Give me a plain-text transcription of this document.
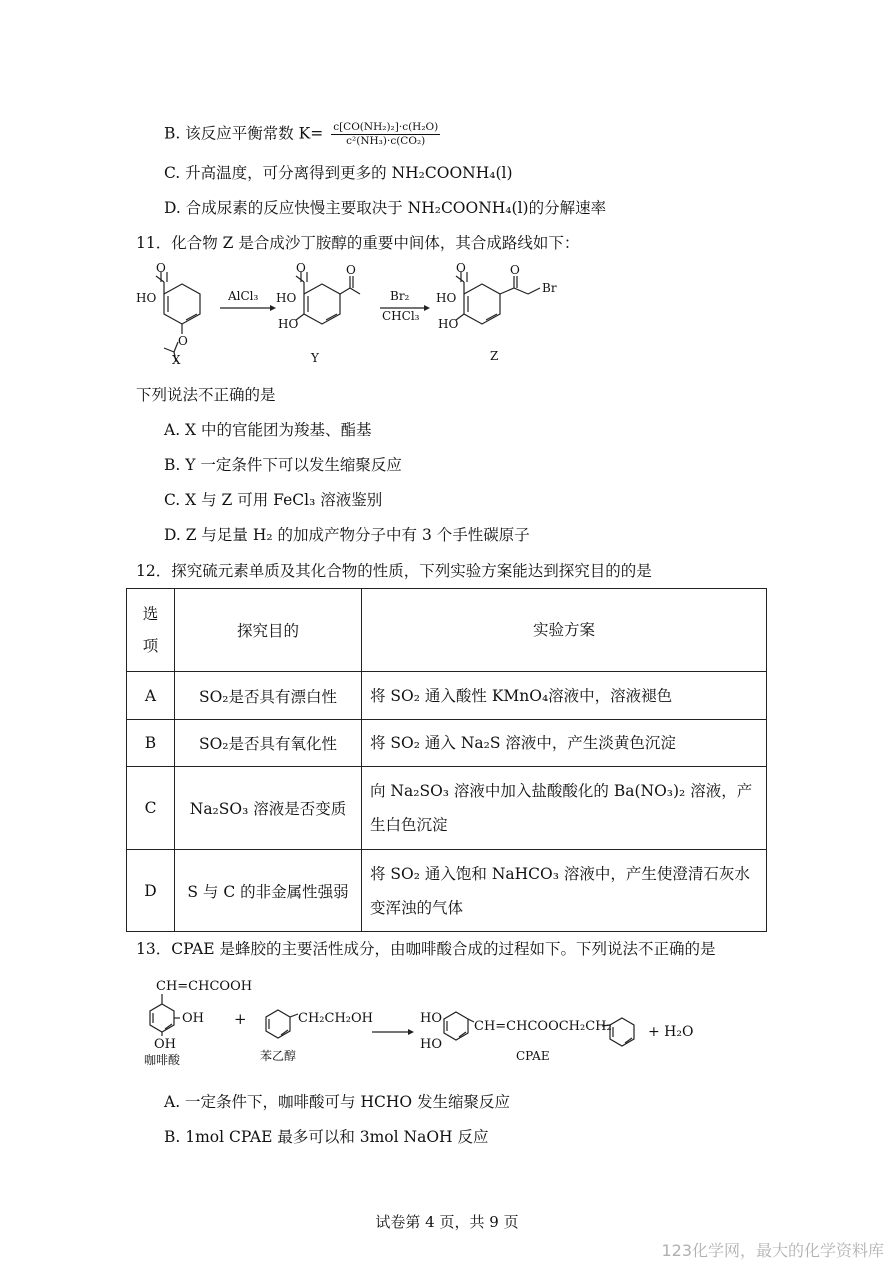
B. 该反应平衡常数 $K= \frac{\text{c[CO(NH₂)₂]·c(H₂O)}}{\text{c²(NH₃)·c(CO₂)}}$
C. 升高温度，可分离得到更多的 NH₂COONH₄(l)
D. 合成尿素的反应快慢主要取决于 NH₂COONH₄(l)的分解速率
11．化合物 Z 是合成沙丁胺醇的重要中间体，其合成路线如下：
O
HO
O
X
AlCl₃
O	O
HO
HO
Y
Br₂
CHCl₃
O	O
Br
HO
HO
Z
下列说法不正确的是
A. X 中的官能团为羧基、酯基
B. Y 一定条件下可以发生缩聚反应
C. X 与 Z 可用 FeCl₃ 溶液鉴别
D. Z 与足量 H₂ 的加成产物分子中有 3 个手性碳原子
12．探究硫元素单质及其化合物的性质，下列实验方案能达到探究目的的是
选
项	探究目的	实验方案
A	SO₂是否具有漂白性	将 SO₂ 通入酸性 KMnO₄溶液中，溶液褪色
B	SO₂是否具有氧化性	将 SO₂ 通入 Na₂S 溶液中，产生淡黄色沉淀
C	Na₂SO₃ 溶液是否变质	向 Na₂SO₃ 溶液中加入盐酸酸化的 Ba(NO₃)₂ 溶液，产生白色沉淀
D	S 与 C 的非金属性强弱	将 SO₂ 通入饱和 NaHCO₃ 溶液中，产生使澄清石灰水变浑浊的气体
13．CPAE 是蜂胶的主要活性成分，由咖啡酸合成的过程如下。下列说法不正确的是
CH=CHCOOH
OH
OH
咖啡酸
+	CH₂CH₂OH
苯乙醇
HO
HO
CH=CHCOOCH₂CH₂
CPAE
+ H₂O
A. 一定条件下，咖啡酸可与 HCHO 发生缩聚反应
B. 1mol CPAE 最多可以和 3mol NaOH 反应
试卷第 4 页，共 9 页
123化学网，最大的化学资料库
